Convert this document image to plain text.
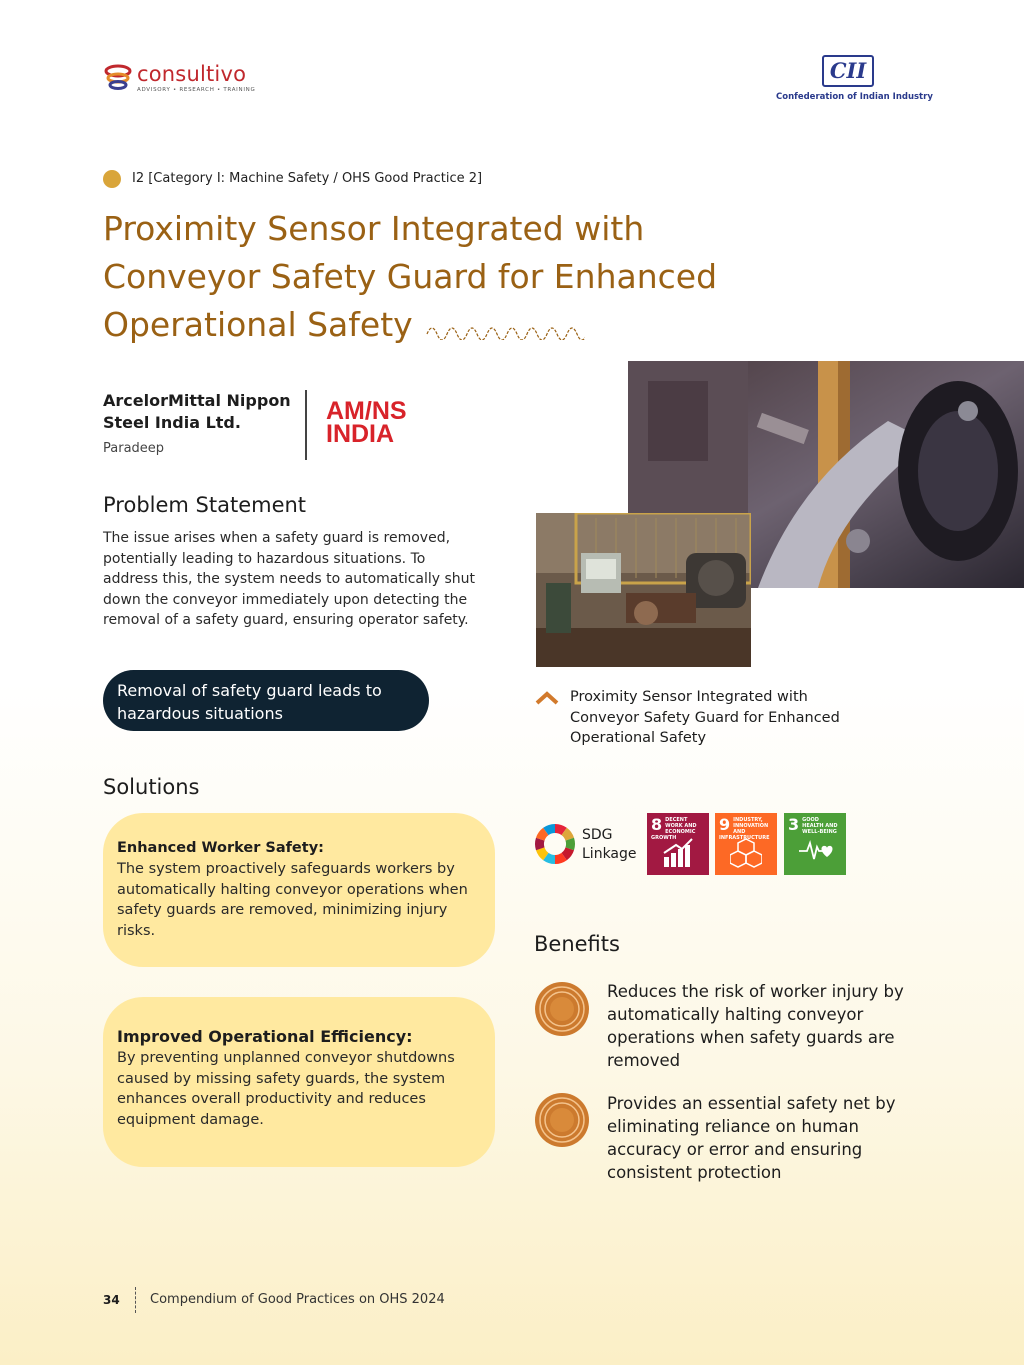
consultivo
ADVISORY • RESEARCH • TRAINING
CII
Confederation of Indian Industry
I2 [Category I: Machine Safety / OHS Good Practice 2]
Proximity Sensor Integrated with Conveyor Safety Guard for Enhanced Operational Safety
ArcelorMittal Nippon Steel India Ltd.
Paradeep
AM/NS
INDIA
Problem Statement
The issue arises when a safety guard is removed, potentially leading to hazardous situations. To address this, the system needs to automatically shut down the conveyor immediately upon detecting the removal of a safety guard, ensuring operator safety.
Removal of safety guard leads to hazardous situations
Proximity Sensor Integrated with Conveyor Safety Guard for Enhanced Operational Safety
Solutions
Enhanced Worker Safety:
The system proactively safeguards workers by automatically halting conveyor operations when safety guards are removed, minimizing injury risks.
Improved Operational Efficiency:
By preventing unplanned conveyor shutdowns caused by missing safety guards, the system enhances overall productivity and reduces equipment damage.
SDG Linkage
8 DECENT WORK AND ECONOMIC GROWTH
9 INDUSTRY, INNOVATION AND INFRASTRUCTURE
3 GOOD HEALTH AND WELL-BEING
Benefits
Reduces the risk of worker injury by automatically halting conveyor operations when safety guards are removed
Provides an essential safety net by eliminating reliance on human accuracy or error and ensuring consistent protection
34 Compendium of Good Practices on OHS 2024
